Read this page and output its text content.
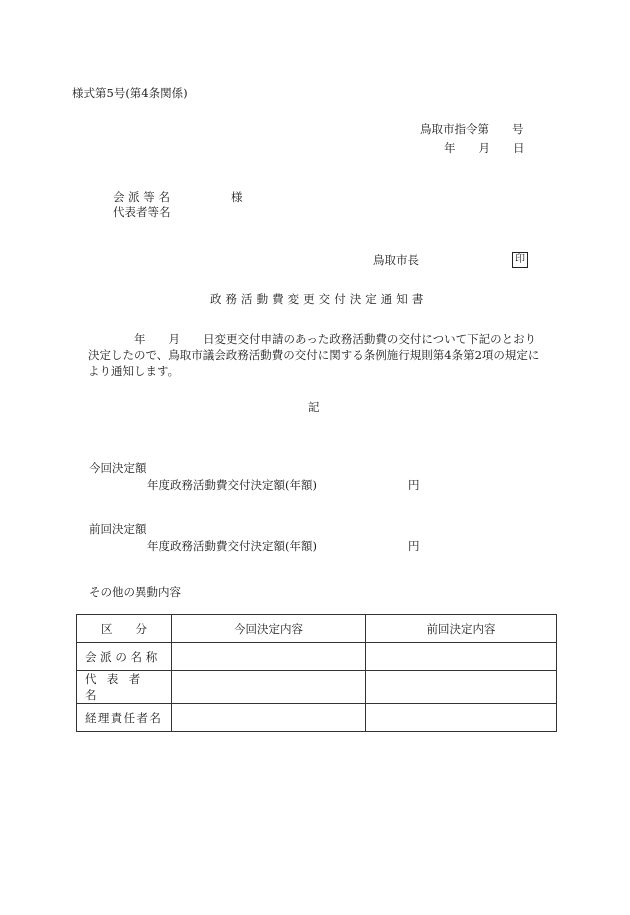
様式第5号(第4条関係)
鳥取市指令第　　号
年　　月　　日
会 派 等 名	様
代表者等名
鳥取市長	印
政務活動費変更交付決定通知書
　　　　年　　月　　日変更交付申請のあった政務活動費の交付について下記のとおり
決定したので、鳥取市議会政務活動費の交付に関する条例施行規則第4条第2項の規定に
より通知します。
記
今回決定額
年度政務活動費交付決定額(年額)	円
前回決定額
年度政務活動費交付決定額(年額)	円
その他の異動内容
区　　分	今回決定内容	前回決定内容
会派の名称		
代表者名		
経理責任者名		
